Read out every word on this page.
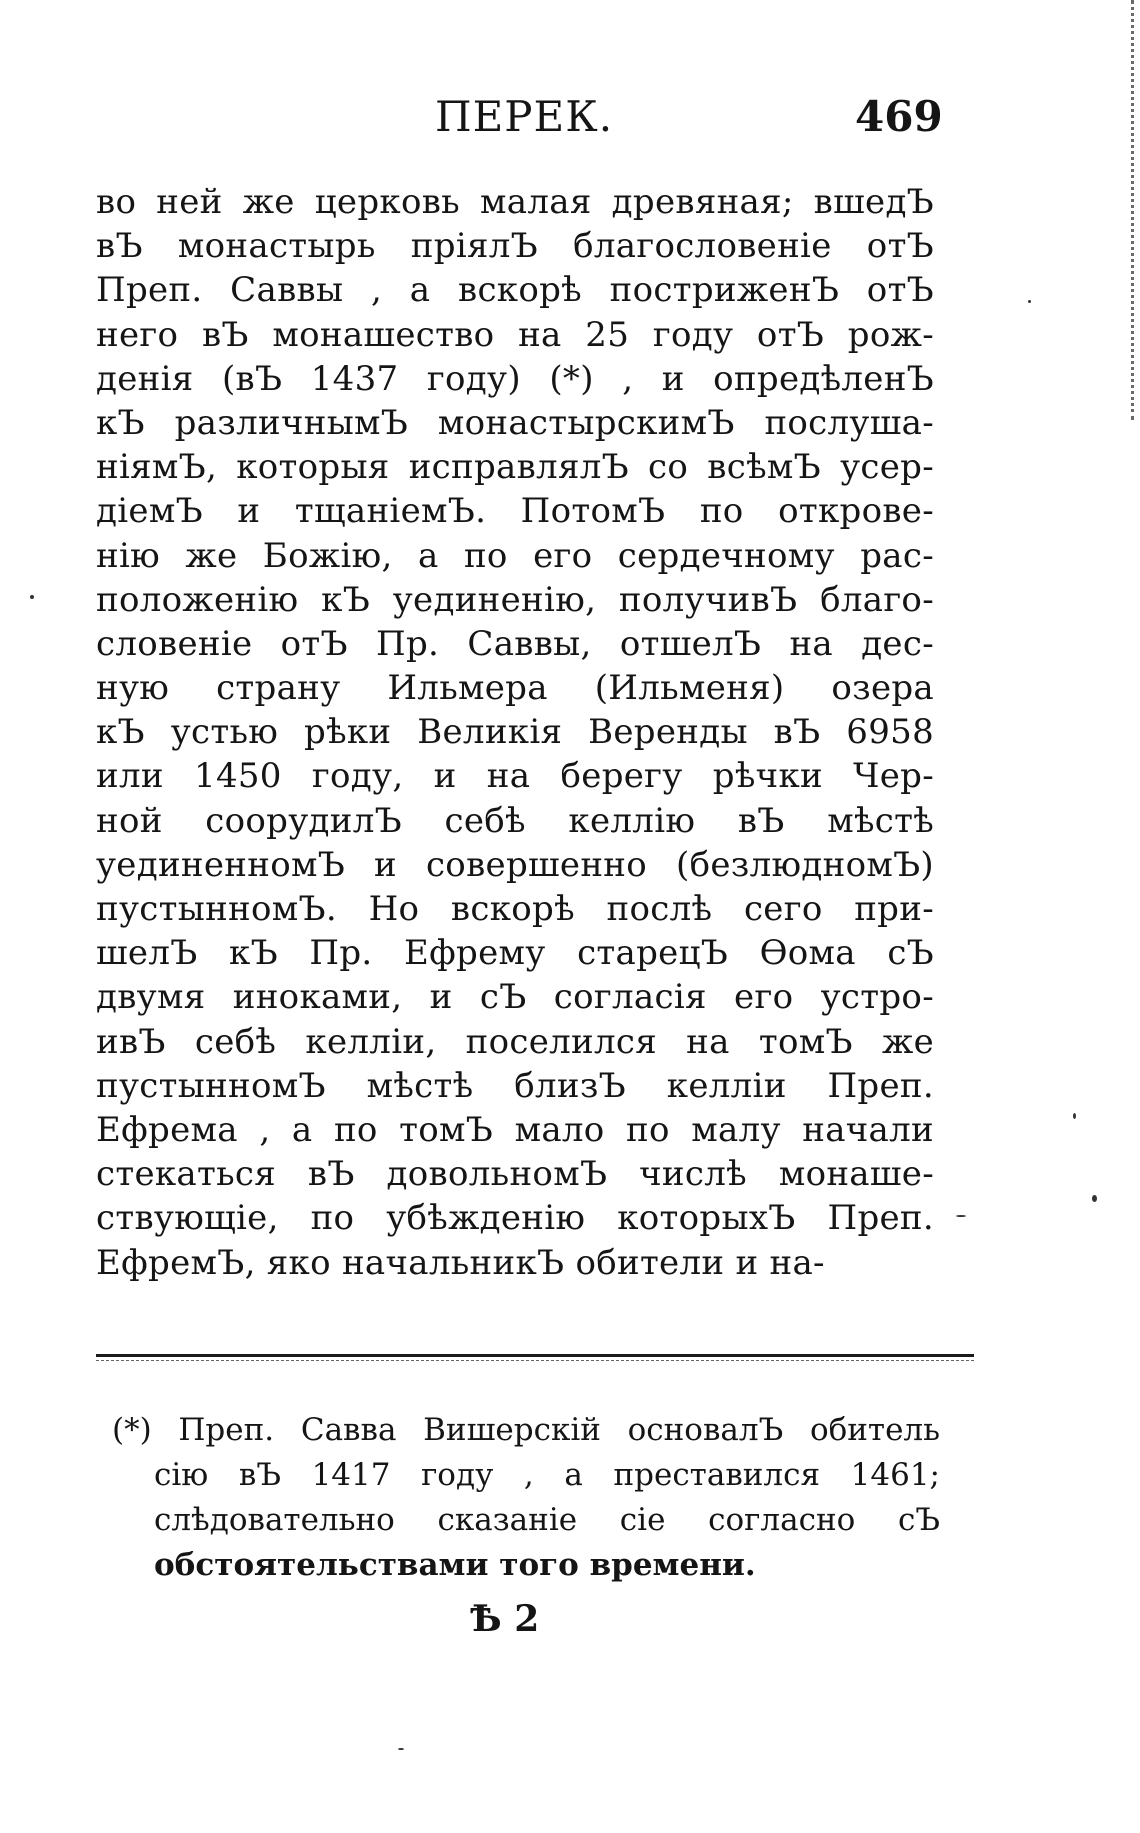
ПЕРЕК.	469
во ней же церковь малая древяная; вшедЪ
вЪ монастырь пріялЪ благословеніе отЪ
Преп. Саввы , а вскорѣ постриженЪ отЪ
него вЪ монашество на 25 году отЪ рож-
денія (вЪ 1437 году) (*) , и опредѣленЪ
кЪ различнымЪ монастырскимЪ послуша-
ніямЪ, которыя исправлялЪ со всѣмЪ усер-
діемЪ и тщаніемЪ. ПотомЪ по открове-
нію же Божію, а по его сердечному рас-
положенію кЪ уединенію, получивЪ благо-
словеніе отЪ Пр. Саввы, отшелЪ на дес-
ную страну Ильмера (Ильменя) озера
кЪ устью рѣки Великія Веренды вЪ 6958
или 1450 году, и на берегу рѣчки Чер-
ной соорудилЪ себѣ келлію вЪ мѣстѣ
уединенномЪ и совершенно (безлюдномЪ)
пустынномЪ. Но вскорѣ послѣ сего при-
шелЪ кЪ Пр. Ефрему старецЪ Ѳома сЪ
двумя иноками, и сЪ согласія его устро-
ивЪ себѣ келліи, поселился на томЪ же
пустынномЪ мѣстѣ близЪ келліи Преп.
Ефрема , а по томЪ мало по малу начали
стекаться вЪ довольномЪ числѣ монаше-
ствующіе, по убѣжденію которыхЪ Преп.
ЕфремЪ, яко начальникЪ обители и на-
(*) Преп. Савва Вишерскій основалЪ обитель
сію вЪ 1417 году , а преставился 1461;
слѣдовательно сказаніе сіе согласно сЪ
обстоятельствами того времени.
Ѣ 2
